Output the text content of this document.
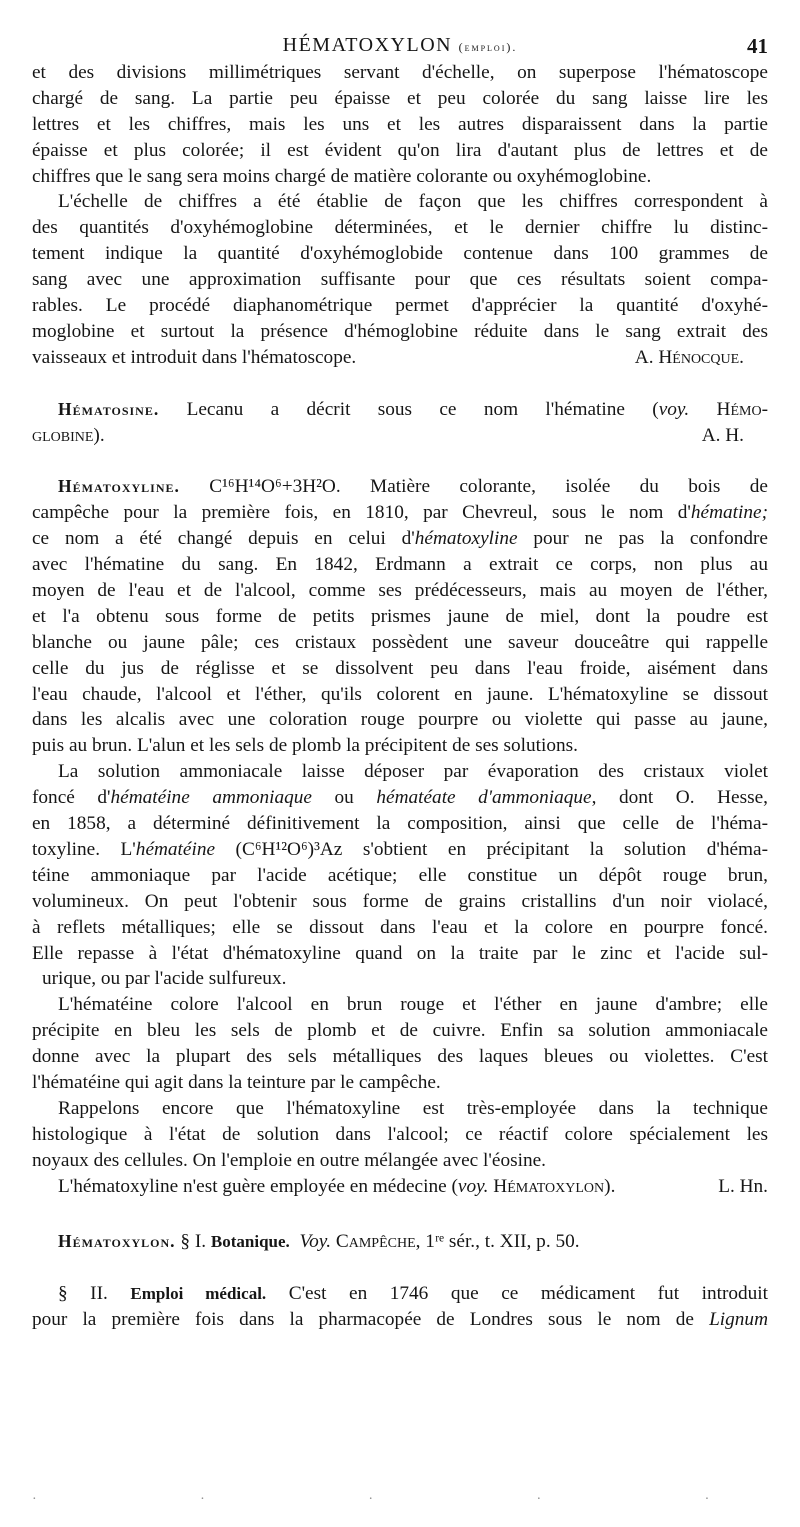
HÉMATOXYLON (emploi).	41
et des divisions millimétriques servant d'échelle, on superpose l'hématoscope
chargé de sang. La partie peu épaisse et peu colorée du sang laisse lire les
lettres et les chiffres, mais les uns et les autres disparaissent dans la partie
épaisse et plus colorée; il est évident qu'on lira d'autant plus de lettres et de
chiffres que le sang sera moins chargé de matière colorante ou oxyhémoglobine.
L'échelle de chiffres a été établie de façon que les chiffres correspondent à
des quantités d'oxyhémoglobine déterminées, et le dernier chiffre lu distinc-
tement indique la quantité d'oxyhémoglobide contenue dans 100 grammes de
sang avec une approximation suffisante pour que ces résultats soient compa-
rables. Le procédé diaphanométrique permet d'apprécier la quantité d'oxyhé-
moglobine et surtout la présence d'hémoglobine réduite dans le sang extrait des
vaisseaux et introduit dans l'hématoscope.	A. Hénocque.
Hématosine. Lecanu a décrit sous ce nom l'hématine (voy. Hémo-
globine).	A. H.
Hématoxyline. C¹⁶H¹⁴O⁶+3H²O. Matière colorante, isolée du bois de
campêche pour la première fois, en 1810, par Chevreul, sous le nom d'hématine;
ce nom a été changé depuis en celui d'hématoxyline pour ne pas la confondre
avec l'hématine du sang. En 1842, Erdmann a extrait ce corps, non plus au
moyen de l'eau et de l'alcool, comme ses prédécesseurs, mais au moyen de l'éther,
et l'a obtenu sous forme de petits prismes jaune de miel, dont la poudre est
blanche ou jaune pâle; ces cristaux possèdent une saveur douceâtre qui rappelle
celle du jus de réglisse et se dissolvent peu dans l'eau froide, aisément dans
l'eau chaude, l'alcool et l'éther, qu'ils colorent en jaune. L'hématoxyline se dissout
dans les alcalis avec une coloration rouge pourpre ou violette qui passe au jaune,
puis au brun. L'alun et les sels de plomb la précipitent de ses solutions.
La solution ammoniacale laisse déposer par évaporation des cristaux violet
foncé d'hématéine ammoniaque ou hématéate d'ammoniaque, dont O. Hesse,
en 1858, a déterminé définitivement la composition, ainsi que celle de l'héma-
toxyline. L'hématéine (C⁶H¹²O⁶)³Az s'obtient en précipitant la solution d'héma-
téine ammoniaque par l'acide acétique; elle constitue un dépôt rouge brun,
volumineux. On peut l'obtenir sous forme de grains cristallins d'un noir violacé,
à reflets métalliques; elle se dissout dans l'eau et la colore en pourpre foncé.
Elle repasse à l'état d'hématoxyline quand on la traite par le zinc et l'acide sul-
urique, ou par l'acide sulfureux.
L'hématéine colore l'alcool en brun rouge et l'éther en jaune d'ambre; elle
précipite en bleu les sels de plomb et de cuivre. Enfin sa solution ammoniacale
donne avec la plupart des sels métalliques des laques bleues ou violettes. C'est
l'hématéine qui agit dans la teinture par le campêche.
Rappelons encore que l'hématoxyline est très-employée dans la technique
histologique à l'état de solution dans l'alcool; ce réactif colore spécialement les
noyaux des cellules. On l'emploie en outre mélangée avec l'éosine.
L'hématoxyline n'est guère employée en médecine (voy. Hématoxylon).	L. Hn.
Hématoxylon. § I. Botanique. Voy. Campêche, 1ʳᵉ sér., t. XII, p. 50.
§ II. Emploi médical. C'est en 1746 que ce médicament fut introduit
pour la première fois dans la pharmacopée de Londres sous le nom de Lignum
· · · · ·
